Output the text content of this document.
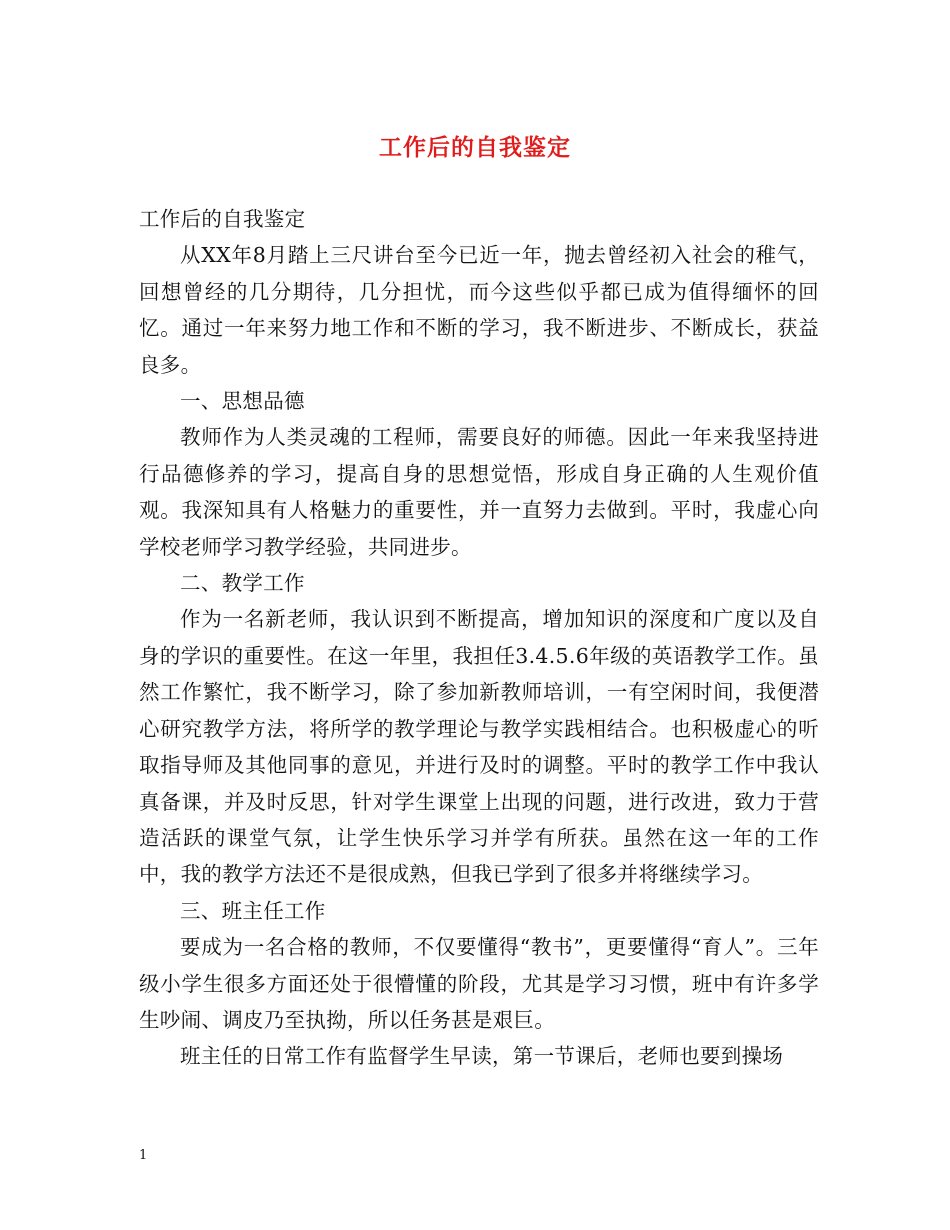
工作后的自我鉴定

工作后的自我鉴定

从XX年8月踏上三尺讲台至今已近一年，抛去曾经初入社会的稚气，回想曾经的几分期待，几分担忧，而今这些似乎都已成为值得缅怀的回忆。通过一年来努力地工作和不断的学习，我不断进步、不断成长，获益良多。

一、思想品德

教师作为人类灵魂的工程师，需要良好的师德。因此一年来我坚持进行品德修养的学习，提高自身的思想觉悟，形成自身正确的人生观价值观。我深知具有人格魅力的重要性，并一直努力去做到。平时，我虚心向学校老师学习教学经验，共同进步。

二、教学工作

作为一名新老师，我认识到不断提高，增加知识的深度和广度以及自身的学识的重要性。在这一年里，我担任3.4.5.6年级的英语教学工作。虽然工作繁忙，我不断学习，除了参加新教师培训，一有空闲时间，我便潜心研究教学方法，将所学的教学理论与教学实践相结合。也积极虚心的听取指导师及其他同事的意见，并进行及时的调整。平时的教学工作中我认真备课，并及时反思，针对学生课堂上出现的问题，进行改进，致力于营造活跃的课堂气氛，让学生快乐学习并学有所获。虽然在这一年的工作中，我的教学方法还不是很成熟，但我已学到了很多并将继续学习。

三、班主任工作

要成为一名合格的教师，不仅要懂得“教书”，更要懂得“育人”。三年级小学生很多方面还处于很懵懂的阶段，尤其是学习习惯，班中有许多学生吵闹、调皮乃至执拗，所以任务甚是艰巨。

班主任的日常工作有监督学生早读，第一节课后，老师也要到操场

1
